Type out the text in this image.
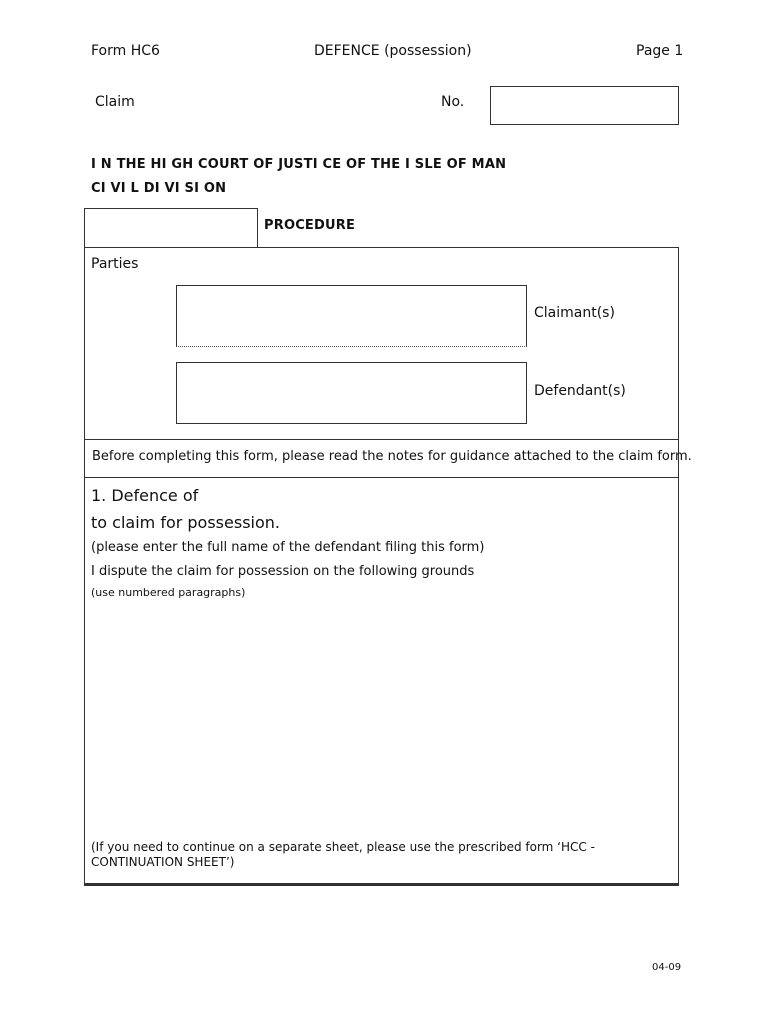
Form HC6	DEFENCE (possession)	Page 1
Claim	No.
I N THE HI GH COURT OF JUSTI CE OF THE I SLE OF MAN
CI VI L DI VI SI ON
PROCEDURE
Parties
Claimant(s)
Defendant(s)
Before completing this form, please read the notes for guidance attached to the claim form.
1. Defence of
to claim for possession.
(please enter the full name of the defendant filing this form)
I dispute the claim for possession on the following grounds
(use numbered paragraphs)
(If you need to continue on a separate sheet, please use the prescribed form ‘HCC - CONTINUATION SHEET’)
04-09
